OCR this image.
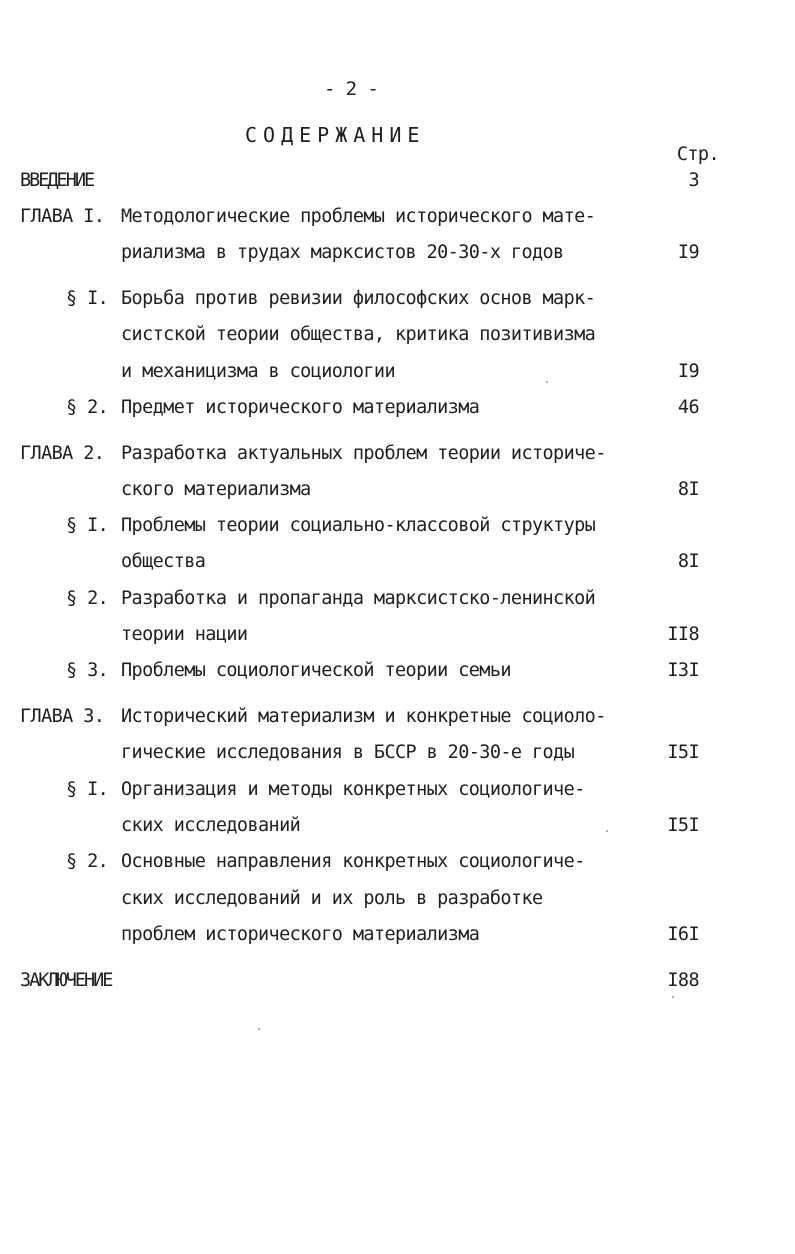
- 2 -
СОДЕРЖАНИЕ
Стр.
ВВЕДЕНИЕ	3
ГЛАВА I. Методологические проблемы исторического мате-
риализма в трудах марксистов 20-30-х годов	I9
§ I. Борьба против ревизии философских основ марк-
систской теории общества, критика позитивизма
и механицизма в социологии	I9
§ 2. Предмет исторического материализма	46
ГЛАВА 2. Разработка актуальных проблем теории историче-
ского материализма	8I
§ I. Проблемы теории социально-классовой структуры
общества	8I
§ 2. Разработка и пропаганда марксистско-ленинской
теории нации	II8
§ 3. Проблемы социологической теории семьи	I3I
ГЛАВА 3. Исторический материализм и конкретные социоло-
гические исследования в БССР в 20-30-е годы	I5I
§ I. Организация и методы конкретных социологиче-
ских исследований	I5I
§ 2. Основные направления конкретных социологиче-
ских исследований и их роль в разработке
проблем исторического материализма	I6I
ЗАКЛЮЧЕНИЕ	I88
